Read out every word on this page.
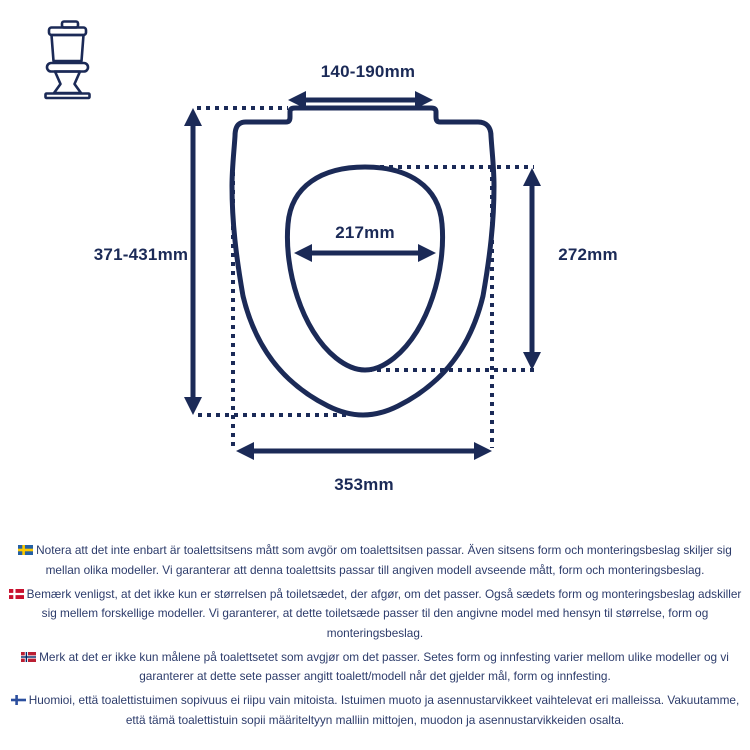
140-190mm
371-431mm
217mm
272mm
353mm

Notera att det inte enbart är toalettsitsens mått som avgör om toalettsitsen passar. Även sitsens form och monteringsbeslag skiljer sig mellan olika modeller. Vi garanterar att denna toalettsits passar till angiven modell avseende mått, form och monteringsbeslag.

Bemærk venligst, at det ikke kun er størrelsen på toiletsædet, der afgør, om det passer. Også sædets form og monteringsbeslag adskiller sig mellem forskellige modeller. Vi garanterer, at dette toiletsæde passer til den angivne model med hensyn til størrelse, form og monteringsbeslag.

Merk at det er ikke kun målene på toalettsetet som avgjør om det passer. Setes form og innfesting varier mellom ulike modeller og vi garanterer at dette sete passer angitt toalett/modell når det gjelder mål, form og innfesting.

Huomioi, että toalettistuimen sopivuus ei riipu vain mitoista. Istuimen muoto ja asennustarvikkeet vaihtelevat eri malleissa. Vakuutamme, että tämä toalettistuin sopii määriteltyyn malliin mittojen, muodon ja asennustarvikkeiden osalta.
